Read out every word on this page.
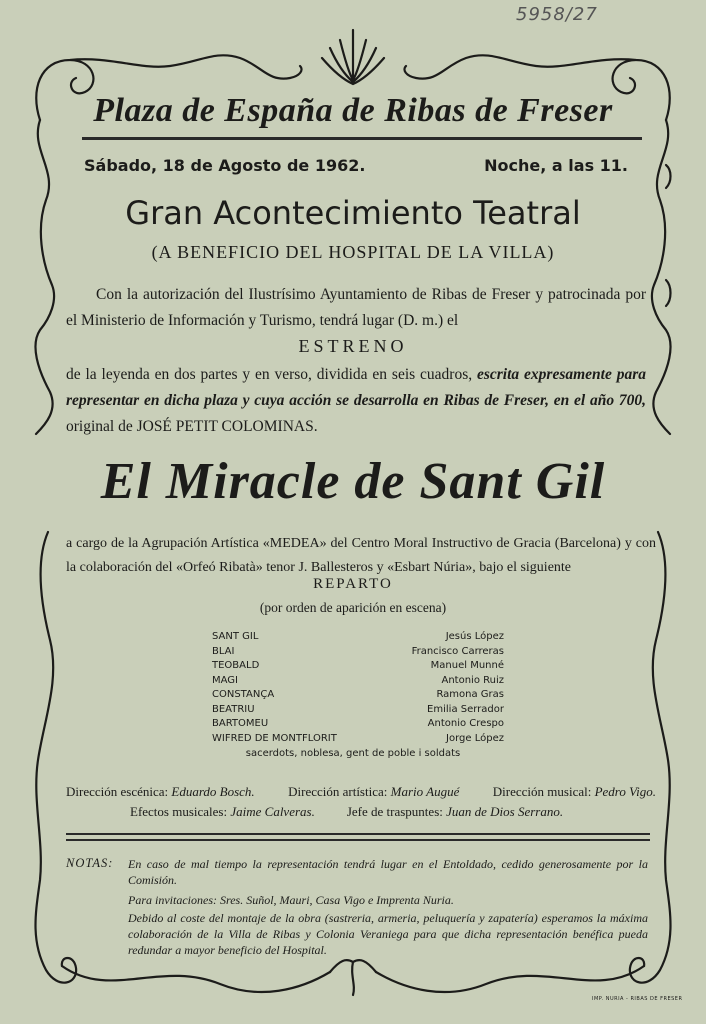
5958/27
Plaza de España de Ribas de Freser
Sábado, 18 de Agosto de 1962.	Noche, a las 11.
Gran Acontecimiento Teatral
(A BENEFICIO DEL HOSPITAL DE LA VILLA)
Con la autorización del Ilustrísimo Ayuntamiento de Ribas de Freser y patrocinada por el Ministerio de Información y Turismo, tendrá lugar (D. m.) el
ESTRENO
de la leyenda en dos partes y en verso, dividida en seis cuadros, escrita expresamente para representar en dicha plaza y cuya acción se desarrolla en Ribas de Freser, en el año 700, original de JOSÉ PETIT COLOMINAS.
El Miracle de Sant Gil
a cargo de la Agrupación Artística «MEDEA» del Centro Moral Instructivo de Gracia (Barcelona) y con la colaboración del «Orfeó Ribatà» tenor J. Ballesteros y «Esbart Núria», bajo el siguiente
REPARTO
(por orden de aparición en escena)
SANT GIL	Jesús López
BLAI	Francisco Carreras
TEOBALD	Manuel Munné
MAGI	Antonio Ruiz
CONSTANÇA	Ramona Gras
BEATRIU	Emilia Serrador
BARTOMEU	Antonio Crespo
WIFRED DE MONTFLORIT	Jorge López
sacerdots, noblesa, gent de poble i soldats
Dirección escénica: Eduardo Bosch.	Dirección artística: Mario Augué	Dirección musical: Pedro Vigo.
Efectos musicales: Jaime Calveras. Jefe de traspuntes: Juan de Dios Serrano.
NOTAS: En caso de mal tiempo la representación tendrá lugar en el Entoldado, cedido generosamente por la Comisión.
Para invitaciones: Sres. Suñol, Mauri, Casa Vigo e Imprenta Nuria.
Debido al coste del montaje de la obra (sastreria, armeria, peluquería y zapatería) esperamos la máxima colaboración de la Villa de Ribas y Colonia Veraniega para que dicha representación benéfica pueda redundar a mayor beneficio del Hospital.
IMP. NURIA - RIBAS DE FRESER
